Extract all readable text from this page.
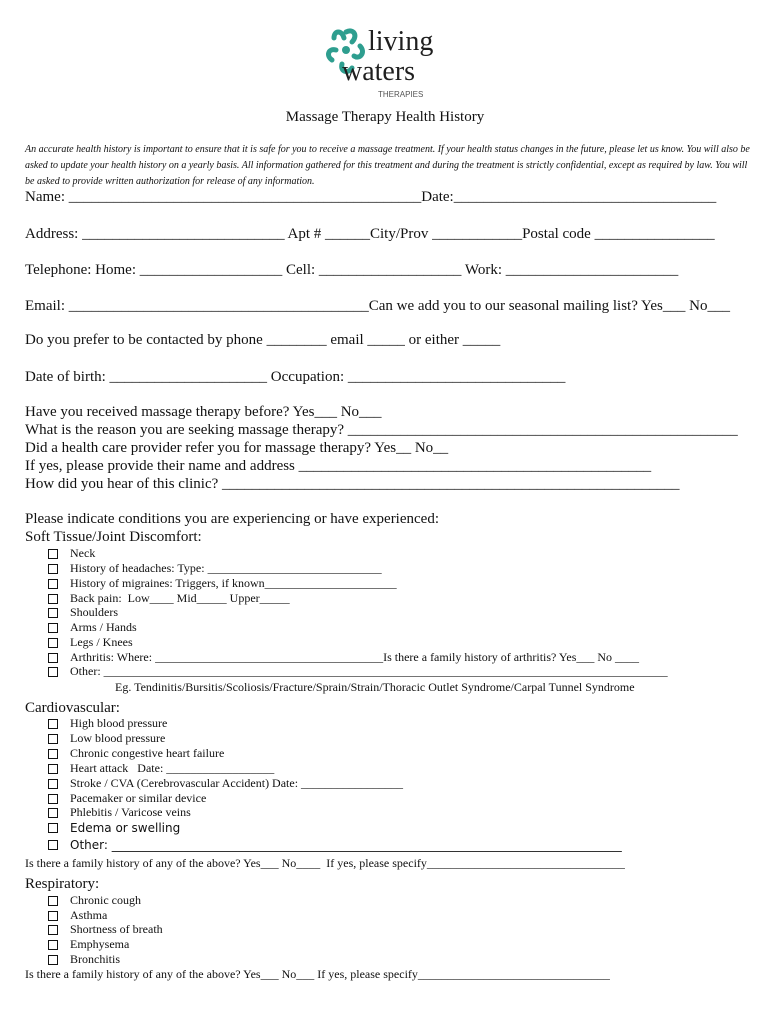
living
waters
THERAPIES
Massage Therapy Health History
An accurate health history is important to ensure that it is safe for you to receive a massage treatment. If your health status changes in the future, please let us know. You will also be asked to update your health history on a yearly basis. All information gathered for this treatment and during the treatment is strictly confidential, except as required by law. You will be asked to provide written authorization for release of any information.
Name: _______________________________________________Date:___________________________________
Address: ___________________________ Apt # ______City/Prov ____________Postal code ________________
Telephone: Home: ___________________ Cell: ___________________ Work: _______________________
Email: ________________________________________Can we add you to our seasonal mailing list? Yes___ No___
Do you prefer to be contacted by phone ________ email _____ or either _____
Date of birth: _____________________ Occupation: _____________________________
Have you received massage therapy before? Yes___ No___
What is the reason you are seeking massage therapy? ____________________________________________________
Did a health care provider refer you for massage therapy? Yes__ No__
If yes, please provide their name and address _______________________________________________
How did you hear of this clinic? _____________________________________________________________
Please indicate conditions you are experiencing or have experienced:
Soft Tissue/Joint Discomfort:
Neck
History of headaches: Type: _____________________________
History of migraines: Triggers, if known______________________
Back pain:  Low____ Mid_____ Upper_____
Shoulders
Arms / Hands
Legs / Knees
Arthritis: Where: ______________________________________Is there a family history of arthritis? Yes___ No ____
Other: ______________________________________________________________________________________________
Eg. Tendinitis/Bursitis/Scoliosis/Fracture/Sprain/Strain/Thoracic Outlet Syndrome/Carpal Tunnel Syndrome
Cardiovascular:
High blood pressure
Low blood pressure
Chronic congestive heart failure
Heart attack   Date: __________________
Stroke / CVA (Cerebrovascular Accident) Date: _________________
Pacemaker or similar device
Phlebitis / Varicose veins
Edema or swelling
Other: _____________________________________________________________________________________
Is there a family history of any of the above? Yes___ No____  If yes, please specify_________________________________
Respiratory:
Chronic cough
Asthma
Shortness of breath
Emphysema
Bronchitis
Is there a family history of any of the above? Yes___ No___ If yes, please specify________________________________
